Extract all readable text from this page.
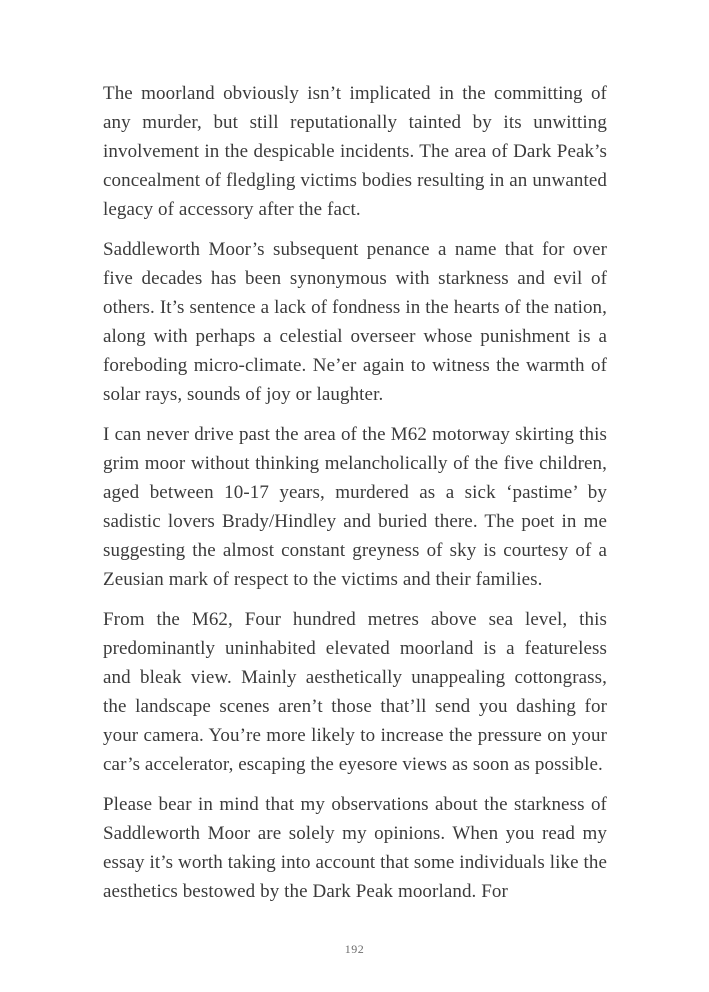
The moorland obviously isn’t implicated in the committing of any murder, but still reputationally tainted by its unwitting involvement in the despicable incidents. The area of Dark Peak’s concealment of fledgling victims bodies resulting in an unwanted legacy of accessory after the fact.

Saddleworth Moor’s subsequent penance a name that for over five decades has been synonymous with starkness and evil of others. It’s sentence a lack of fondness in the hearts of the nation, along with perhaps a celestial overseer whose punishment is a foreboding micro-climate. Ne’er again to witness the warmth of solar rays, sounds of joy or laughter.

I can never drive past the area of the M62 motorway skirting this grim moor without thinking melancholically of the five children, aged between 10-17 years, murdered as a sick ‘pastime’ by sadistic lovers Brady/Hindley and buried there. The poet in me suggesting the almost constant greyness of sky is courtesy of a Zeusian mark of respect to the victims and their families.

From the M62, Four hundred metres above sea level, this predominantly uninhabited elevated moorland is a featureless and bleak view. Mainly aesthetically unappealing cottongrass, the landscape scenes aren’t those that’ll send you dashing for your camera. You’re more likely to increase the pressure on your car’s accelerator, escaping the eyesore views as soon as possible.

Please bear in mind that my observations about the starkness of Saddleworth Moor are solely my opinions. When you read my essay it’s worth taking into account that some individuals like the aesthetics bestowed by the Dark Peak moorland. For

192
